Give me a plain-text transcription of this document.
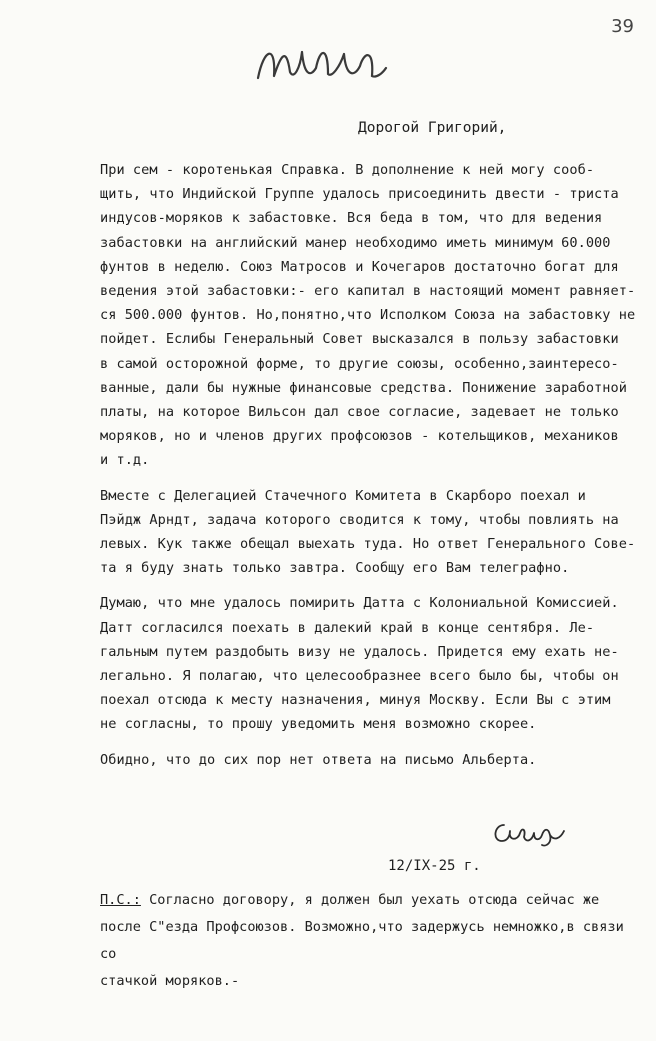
39
Дорогой Григорий,

При сем - коротенькая Справка. В дополнение к ней могу сооб-
щить, что Индийской Группе удалось присоединить двести - триста
индусов-моряков к забастовке. Вся беда в том, что для ведения
забастовки на английский манер необходимо иметь минимум 60.000
фунтов в неделю. Союз Матросов и Кочегаров достаточно богат для
ведения этой забастовки:- его капитал в настоящий момент равняет-
ся 500.000 фунтов. Но,понятно,что Исполком Союза на забастовку не
пойдет. Еслибы Генеральный Совет высказался в пользу забастовки
в самой осторожной форме, то другие союзы, особенно,заинтересо-
ванные, дали бы нужные финансовые средства. Понижение заработной
платы, на которое Вильсон дал свое согласие, задевает не только
моряков, но и членов других профсоюзов - котельщиков, механиков
и т.д.

Вместе с Делегацией Стачечного Комитета в Скарборо поехал и
Пэйдж Арндт, задача которого сводится к тому, чтобы повлиять на
левых. Кук также обещал выехать туда. Но ответ Генерального Сове-
та я буду знать только завтра. Сообщу его Вам телеграфно.

Думаю, что мне удалось помирить Датта с Колониальной Комиссией. Датт согласился поехать в далекий край в конце сентября. Ле-
гальным путем раздобыть визу не удалось. Придется ему ехать не-
легально. Я полагаю, что целесообразнее всего было бы, чтобы он
поехал отсюда к месту назначения, минуя Москву. Если Вы с этим
не согласны, то прошу уведомить меня возможно скорее.

Обидно, что до сих пор нет ответа на письмо Альберта.

12/IX-25 г.
П.С.: Согласно договору, я должен был уехать отсюда сейчас же
после С"езда Профсоюзов. Возможно,что задержусь немножко,в связи со
стачкой моряков.-
